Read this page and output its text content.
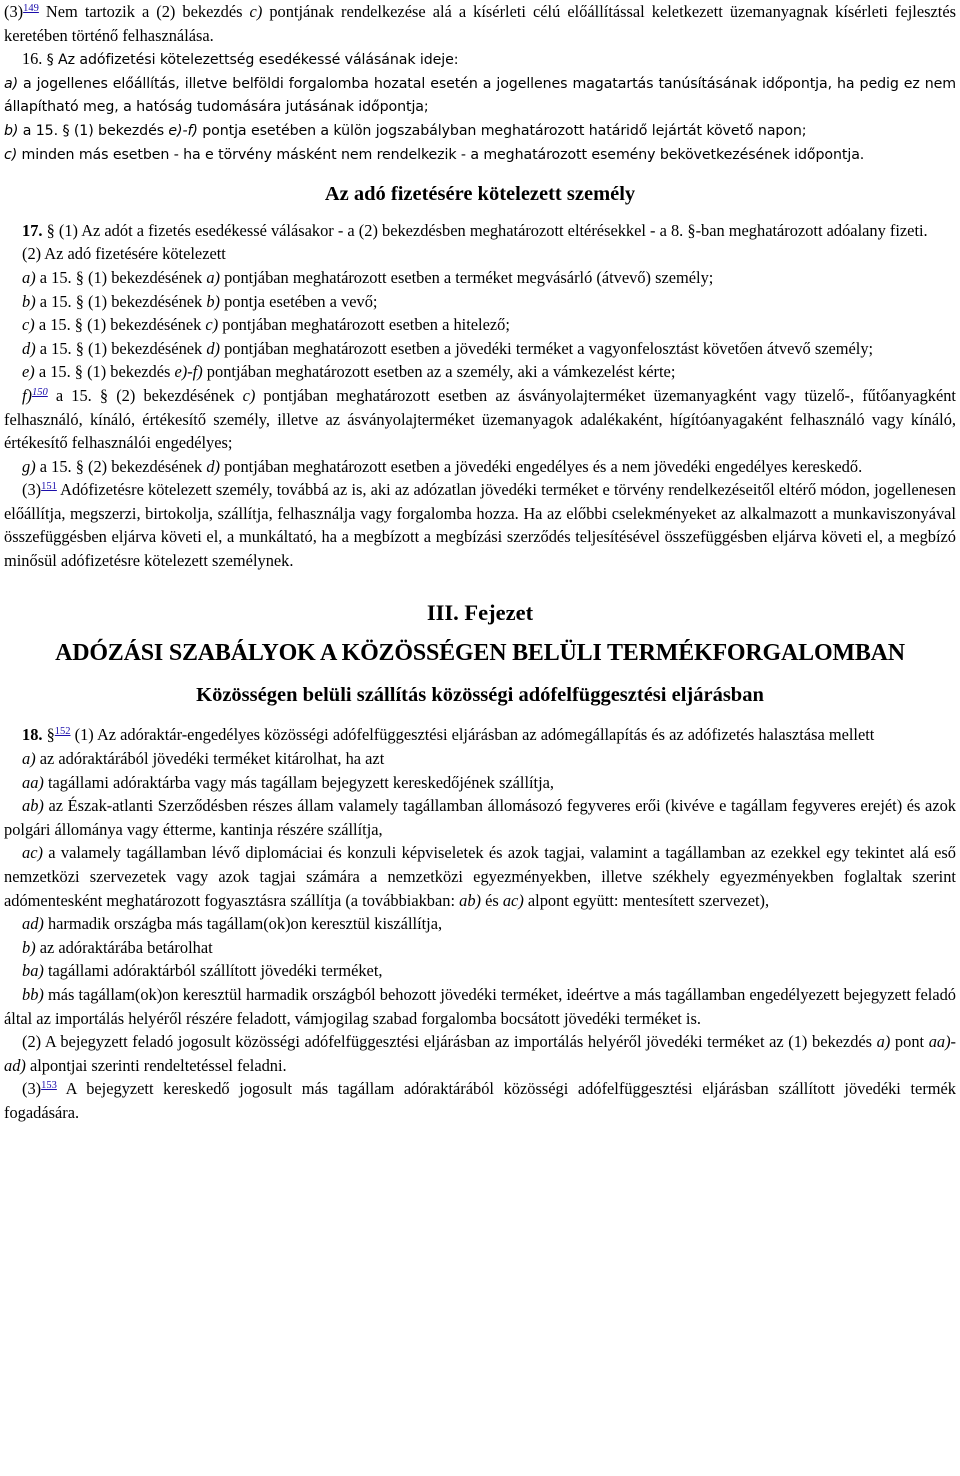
$(3)^{149}$ Nem tartozik a (2) bekezdés c) pontjának rendelkezése alá a kísérleti célú előállítással keletkezett üzemanyagnak kísérleti fejlesztés keretében történő felhasználása.

16. § Az adófizetési kötelezettség esedékessé válásának ideje:

a) a jogellenes előállítás, illetve belföldi forgalomba hozatal esetén a jogellenes magatartás tanúsításának időpontja, ha pedig ez nem állapítható meg, a hatóság tudomására jutásának időpontja;

b) a 15. § (1) bekezdés e)-f) pontja esetében a külön jogszabályban meghatározott határidő lejártát követő napon;

c) minden más esetben - ha e törvény másként nem rendelkezik - a meghatározott esemény bekövetkezésének időpontja.

Az adó fizetésére kötelezett személy

17. § (1) Az adót a fizetés esedékessé válásakor - a (2) bekezdésben meghatározott eltérésekkel - a 8. §-ban meghatározott adóalany fizeti.

(2) Az adó fizetésére kötelezett

a) a 15. § (1) bekezdésének a) pontjában meghatározott esetben a terméket megvásárló (átvevő) személy;

b) a 15. § (1) bekezdésének b) pontja esetében a vevő;

c) a 15. § (1) bekezdésének c) pontjában meghatározott esetben a hitelező;

d) a 15. § (1) bekezdésének d) pontjában meghatározott esetben a jövedéki terméket a vagyonfelosztást követően átvevő személy;

e) a 15. § (1) bekezdés e)-f) pontjában meghatározott esetben az a személy, aki a vámkezelést kérte;

f)$^{150}$ a 15. § (2) bekezdésének c) pontjában meghatározott esetben az ásványolajterméket üzemanyagként vagy tüzelő-, fűtőanyagként felhasználó, kínáló, értékesítő személy, illetve az ásványolajterméket üzemanyagok adalékaként, hígítóanyagaként felhasználó vagy kínáló, értékesítő felhasználói engedélyes;

g) a 15. § (2) bekezdésének d) pontjában meghatározott esetben a jövedéki engedélyes és a nem jövedéki engedélyes kereskedő.

$(3)^{151}$ Adófizetésre kötelezett személy, továbbá az is, aki az adózatlan jövedéki terméket e törvény rendelkezéseitől eltérő módon, jogellenesen előállítja, megszerzi, birtokolja, szállítja, felhasználja vagy forgalomba hozza. Ha az előbbi cselekményeket az alkalmazott a munkaviszonyával összefüggésben eljárva követi el, a munkáltató, ha a megbízott a megbízási szerződés teljesítésével összefüggésben eljárva követi el, a megbízó minősül adófizetésre kötelezett személynek.

III. Fejezet
ADÓZÁSI SZABÁLYOK A KÖZÖSSÉGEN BELÜLI TERMÉKFORGALOMBAN
Közösségen belüli szállítás közösségi adófelfüggesztési eljárásban

18. §$^{152}$ (1) Az adóraktár-engedélyes közösségi adófelfüggesztési eljárásban az adómegállapítás és az adófizetés halasztása mellett

a) az adóraktárából jövedéki terméket kitárolhat, ha azt

aa) tagállami adóraktárba vagy más tagállam bejegyzett kereskedőjének szállítja,

ab) az Észak-atlanti Szerződésben részes állam valamely tagállamban állomásozó fegyveres erői (kivéve e tagállam fegyveres erejét) és azok polgári állománya vagy étterme, kantinja részére szállítja,

ac) a valamely tagállamban lévő diplomáciai és konzuli képviseletek és azok tagjai, valamint a tagállamban az ezekkel egy tekintet alá eső nemzetközi szervezetek vagy azok tagjai számára a nemzetközi egyezményekben, illetve székhely egyezményekben foglaltak szerint adómentesként meghatározott fogyasztásra szállítja (a továbbiakban: ab) és ac) alpont együtt: mentesített szervezet),

ad) harmadik országba más tagállam(ok)on keresztül kiszállítja,

b) az adóraktárába betárolhat

ba) tagállami adóraktárból szállított jövedéki terméket,

bb) más tagállam(ok)on keresztül harmadik országból behozott jövedéki terméket, ideértve a más tagállamban engedélyezett bejegyzett feladó által az importálás helyéről részére feladott, vámjogilag szabad forgalomba bocsátott jövedéki terméket is.

(2) A bejegyzett feladó jogosult közösségi adófelfüggesztési eljárásban az importálás helyéről jövedéki terméket az (1) bekezdés a) pont aa)-ad) alpontjai szerinti rendeltetéssel feladni.

$(3)^{153}$ A bejegyzett kereskedő jogosult más tagállam adóraktárából közösségi adófelfüggesztési eljárásban szállított jövedéki termék fogadására.
